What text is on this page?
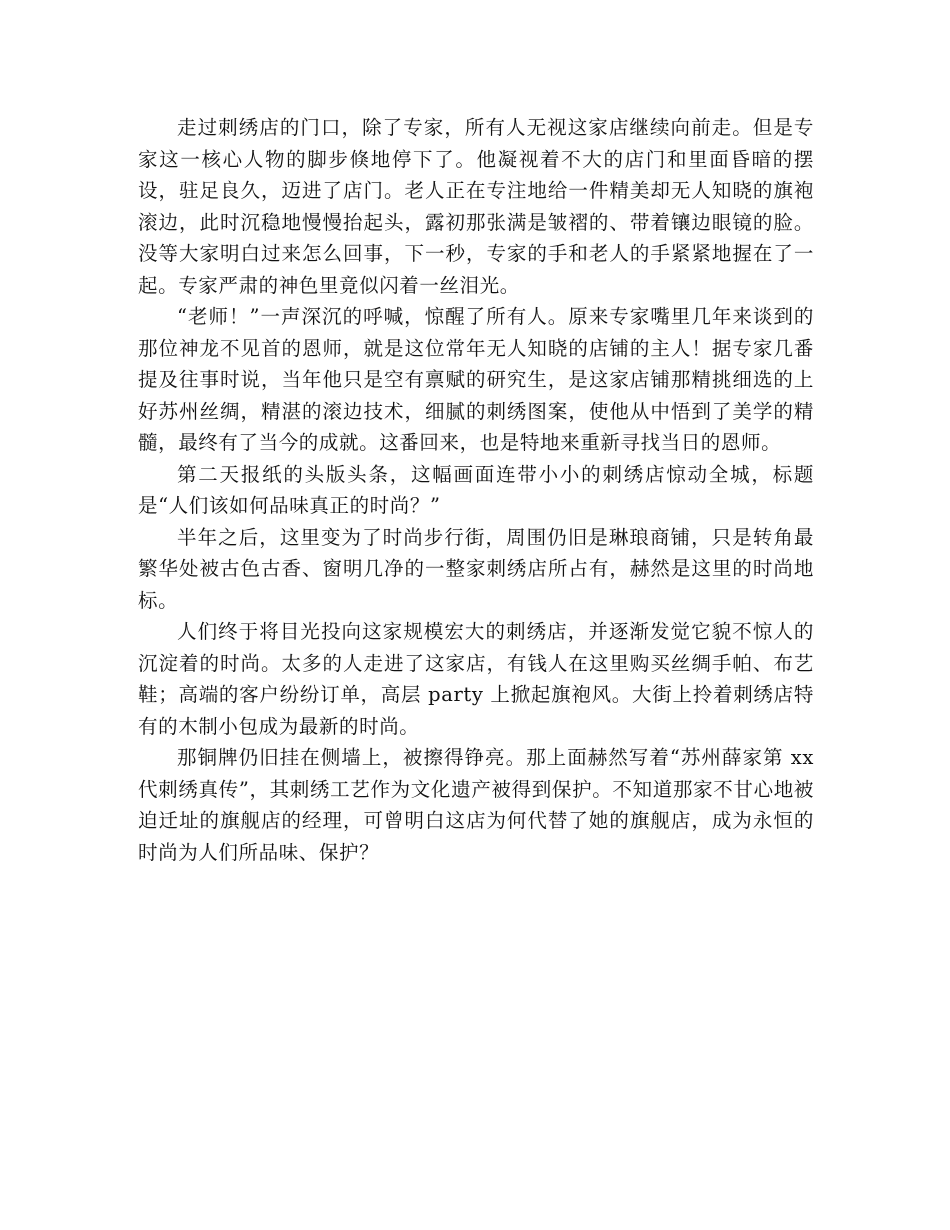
走过刺绣店的门口，除了专家，所有人无视这家店继续向前走。但是专家这一核心人物的脚步倏地停下了。他凝视着不大的店门和里面昏暗的摆设，驻足良久，迈进了店门。老人正在专注地给一件精美却无人知晓的旗袍滚边，此时沉稳地慢慢抬起头，露初那张满是皱褶的、带着镶边眼镜的脸。没等大家明白过来怎么回事，下一秒，专家的手和老人的手紧紧地握在了一起。专家严肃的神色里竟似闪着一丝泪光。

“老师！”一声深沉的呼喊，惊醒了所有人。原来专家嘴里几年来谈到的那位神龙不见首的恩师，就是这位常年无人知晓的店铺的主人！据专家几番提及往事时说，当年他只是空有禀赋的研究生，是这家店铺那精挑细选的上好苏州丝绸，精湛的滚边技术，细腻的刺绣图案，使他从中悟到了美学的精髓，最终有了当今的成就。这番回来，也是特地来重新寻找当日的恩师。

第二天报纸的头版头条，这幅画面连带小小的刺绣店惊动全城，标题是“人们该如何品味真正的时尚？”

半年之后，这里变为了时尚步行街，周围仍旧是琳琅商铺，只是转角最繁华处被古色古香、窗明几净的一整家刺绣店所占有，赫然是这里的时尚地标。

人们终于将目光投向这家规模宏大的刺绣店，并逐渐发觉它貌不惊人的沉淀着的时尚。太多的人走进了这家店，有钱人在这里购买丝绸手帕、布艺鞋；高端的客户纷纷订单，高层 party 上掀起旗袍风。大街上拎着刺绣店特有的木制小包成为最新的时尚。

那铜牌仍旧挂在侧墙上，被擦得铮亮。那上面赫然写着“苏州薛家第 xx 代刺绣真传”，其刺绣工艺作为文化遗产被得到保护。不知道那家不甘心地被迫迁址的旗舰店的经理，可曾明白这店为何代替了她的旗舰店，成为永恒的时尚为人们所品味、保护？
